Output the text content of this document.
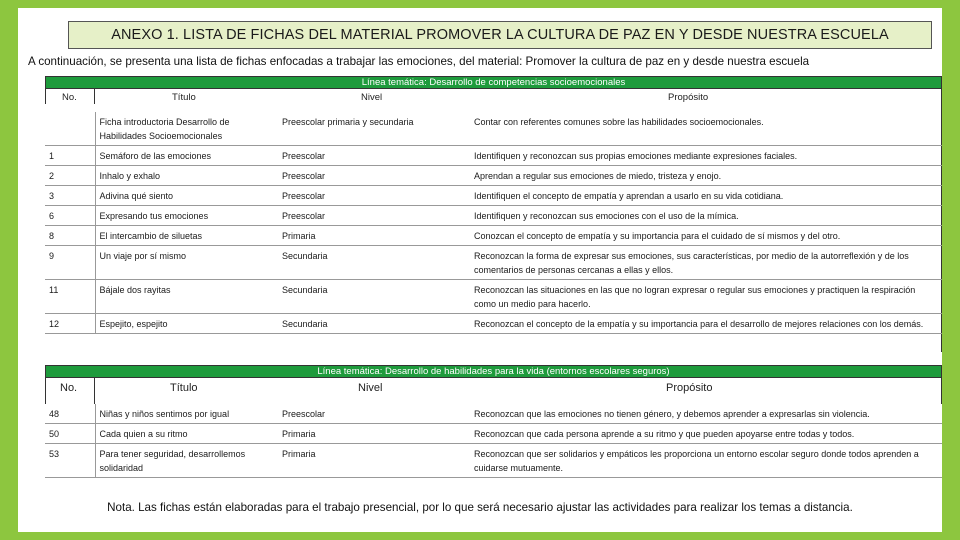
ANEXO 1. LISTA DE FICHAS DEL MATERIAL PROMOVER LA CULTURA DE PAZ EN Y DESDE NUESTRA ESCUELA
A continuación, se presenta una lista de fichas enfocadas a trabajar las emociones, del material: Promover la cultura de paz en y desde nuestra escuela
Línea temática: Desarrollo de competencias socioemocionales
No.	Título	Nivel	Propósito
	Ficha introductoria Desarrollo de Habilidades Socioemocionales	Preescolar primaria y secundaria	Contar con referentes comunes sobre las habilidades socioemocionales.
1	Semáforo de las emociones	Preescolar	Identifiquen y reconozcan sus propias emociones mediante expresiones faciales.
2	Inhalo y exhalo	Preescolar	Aprendan a regular sus emociones de miedo, tristeza y enojo.
3	Adivina qué siento	Preescolar	Identifiquen el concepto de empatía y aprendan a usarlo en su vida cotidiana.
6	Expresando tus emociones	Preescolar	Identifiquen y reconozcan sus emociones con el uso de la mímica.
8	El intercambio de siluetas	Primaria	Conozcan el concepto de empatía y su importancia para el cuidado de sí mismos y del otro.
9	Un viaje por sí mismo	Secundaria	Reconozcan la forma de expresar sus emociones, sus características, por medio de la autorreflexión y de los comentarios de personas cercanas a ellas y ellos.
11	Bájale dos rayitas	Secundaria	Reconozcan las situaciones en las que no logran expresar o regular sus emociones y practiquen la respiración como un medio para hacerlo.
12	Espejito, espejito	Secundaria	Reconozcan el concepto de la empatía y su importancia para el desarrollo de mejores relaciones con los demás.
Línea temática: Desarrollo de habilidades para la vida (entornos escolares seguros)
No.	Título	Nivel	Propósito
48	Niñas y niños sentimos por igual	Preescolar	Reconozcan que las emociones no tienen género, y debemos aprender a expresarlas sin violencia.
50	Cada quien a su ritmo	Primaria	Reconozcan que cada persona aprende a su ritmo y que pueden apoyarse entre todas y todos.
53	Para tener seguridad, desarrollemos solidaridad	Primaria	Reconozcan que ser solidarios y empáticos les proporciona un entorno escolar seguro donde todos aprenden a cuidarse mutuamente.
Nota. Las fichas están elaboradas para el trabajo presencial, por lo que será necesario ajustar las actividades para realizar los temas a distancia.
